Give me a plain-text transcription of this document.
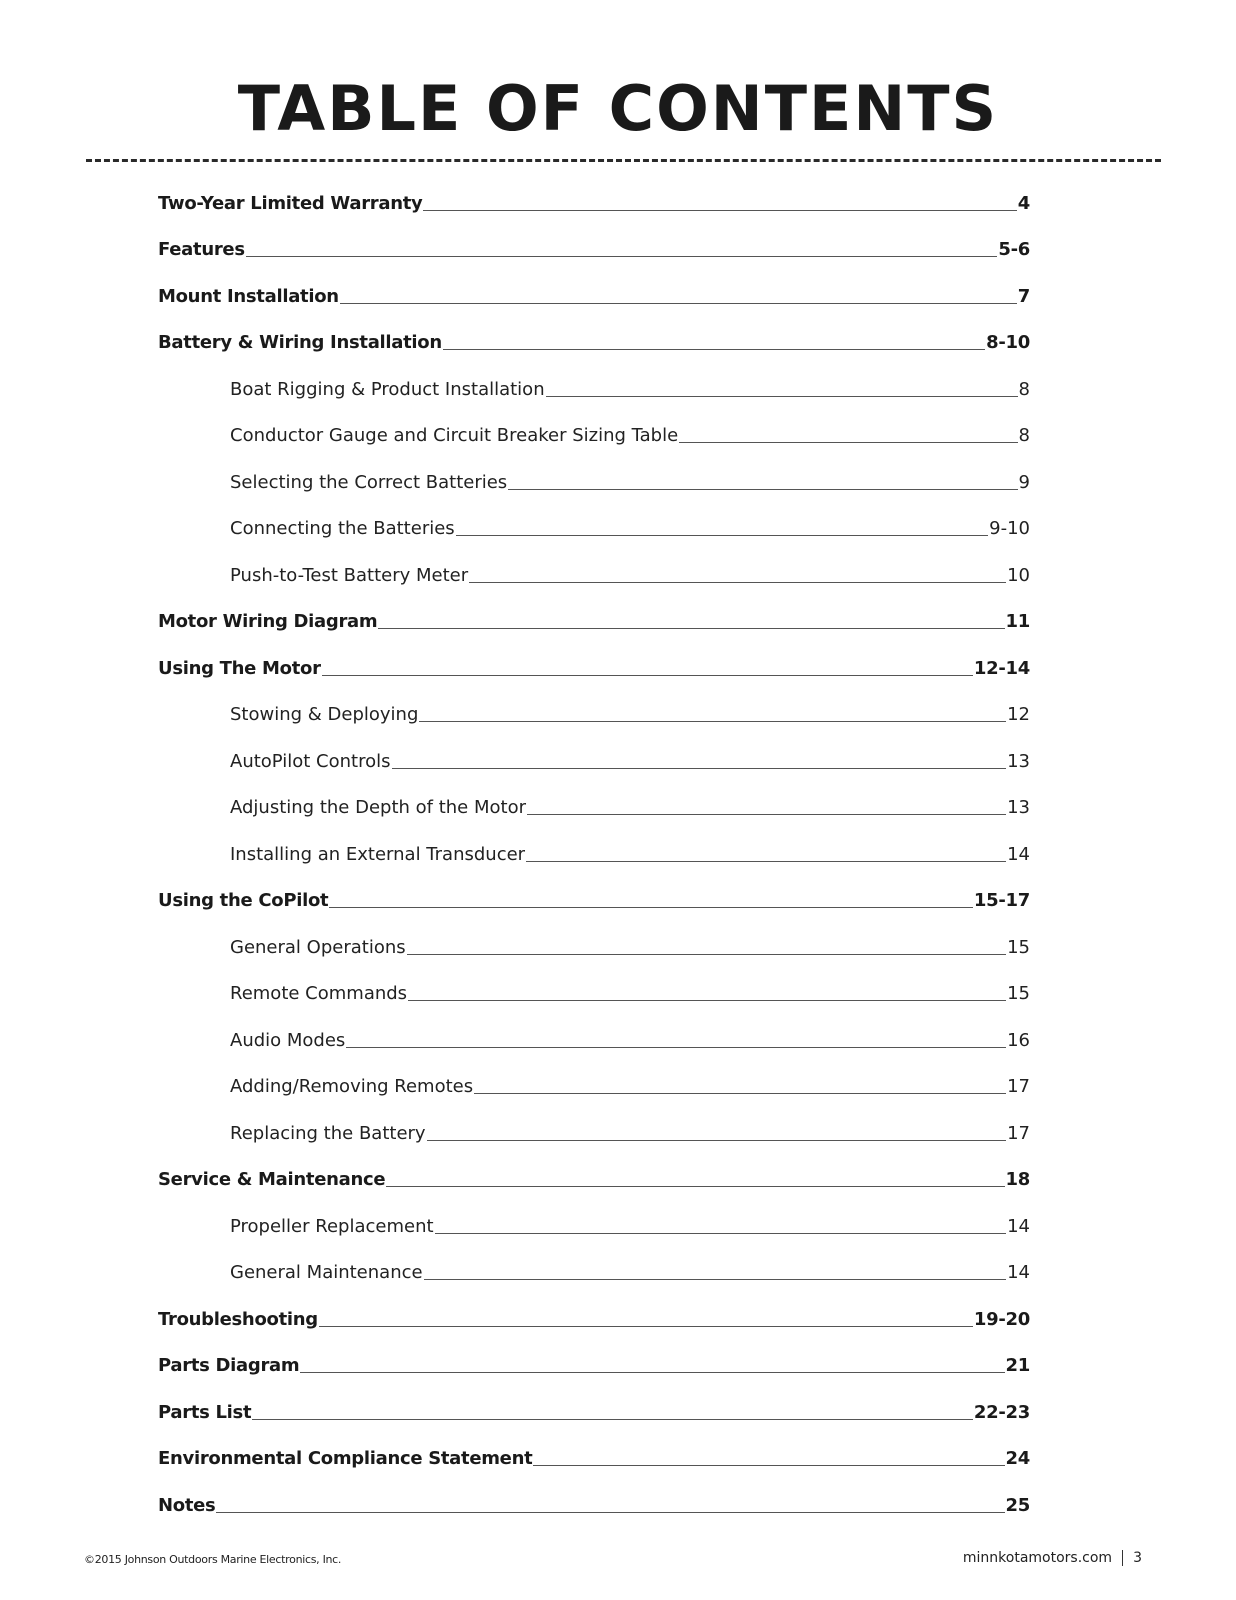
TABLE OF CONTENTS
Two-Year Limited Warranty	4
Features	5-6
Mount Installation	7
Battery & Wiring Installation	8-10
Boat Rigging & Product Installation	8
Conductor Gauge and Circuit Breaker Sizing Table	8
Selecting the Correct Batteries	9
Connecting the Batteries	9-10
Push-to-Test Battery Meter	10
Motor Wiring Diagram	11
Using The Motor	12-14
Stowing & Deploying	12
AutoPilot Controls	13
Adjusting the Depth of the Motor	13
Installing an External Transducer	14
Using the CoPilot	15-17
General Operations	15
Remote Commands	15
Audio Modes	16
Adding/Removing Remotes	17
Replacing the Battery	17
Service & Maintenance	18
Propeller Replacement	14
General Maintenance	14
Troubleshooting	19-20
Parts Diagram	21
Parts List	22-23
Environmental Compliance Statement	24
Notes	25
©2015 Johnson Outdoors Marine Electronics, Inc.	minnkotamotors.com 3
